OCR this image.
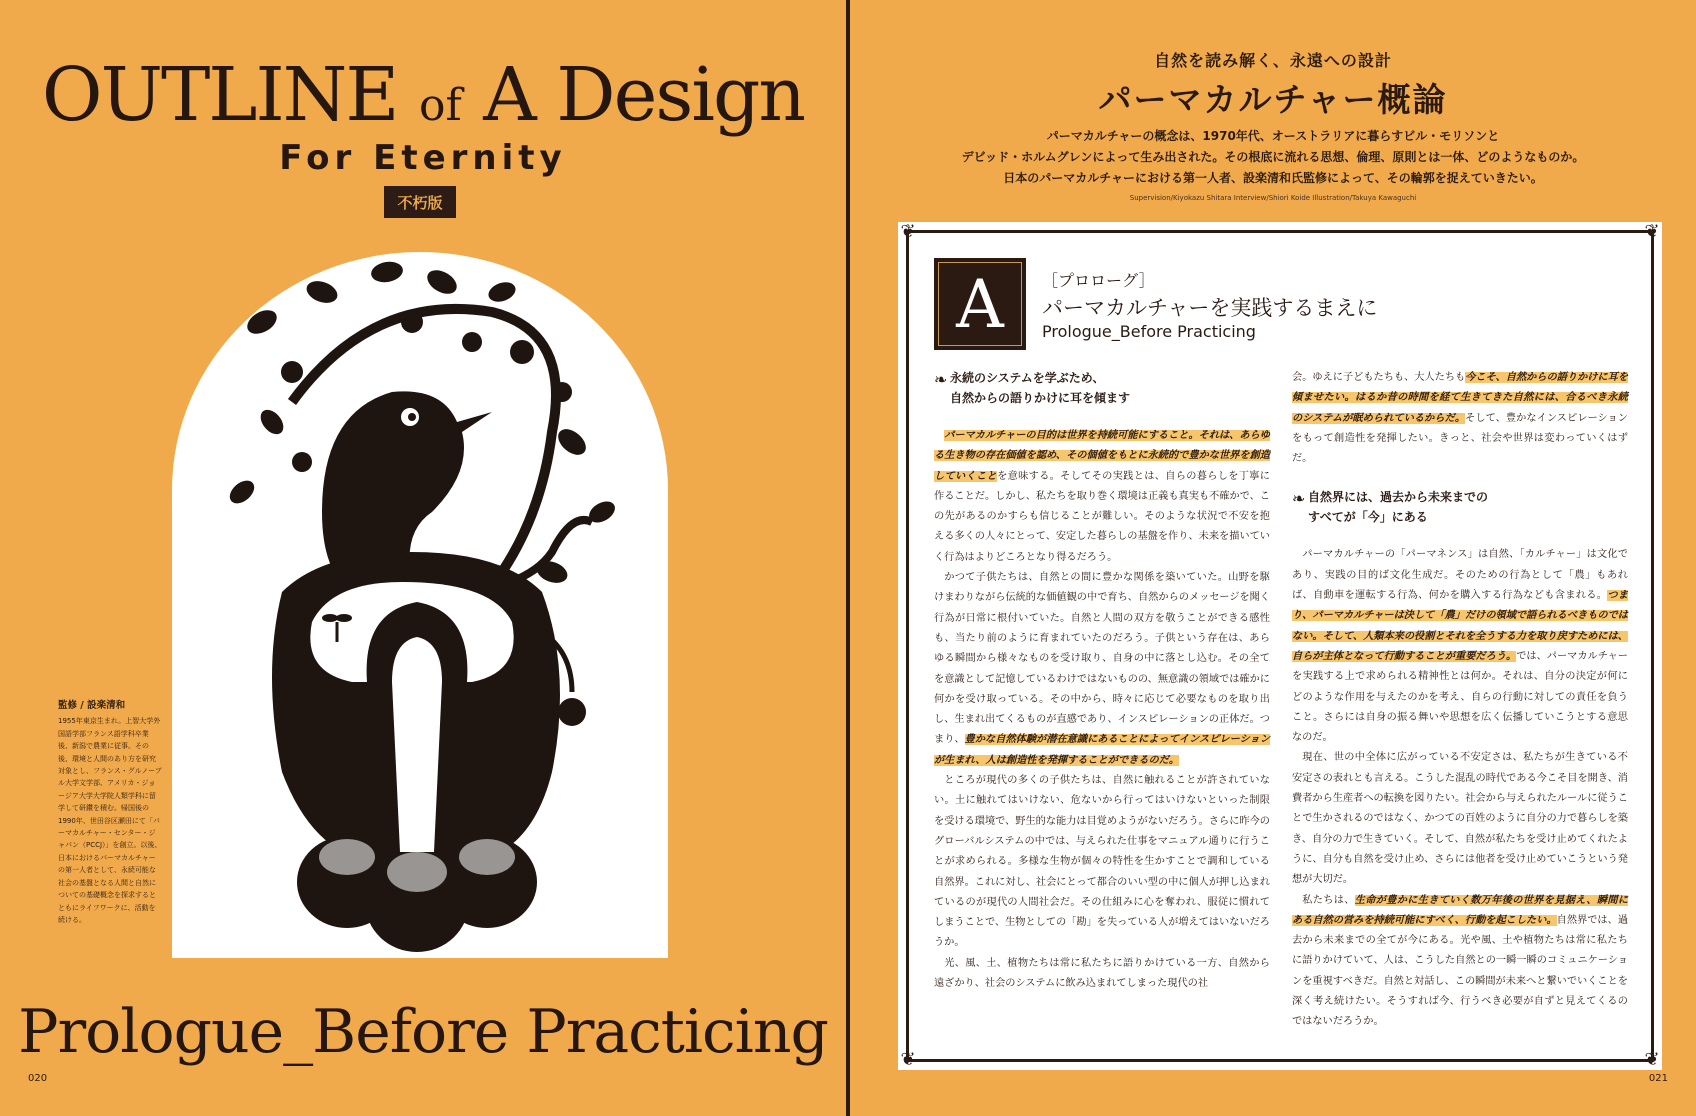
OUTLINE of A Design
For Eternity
不朽版
監修 / 設楽清和
1955年東京生まれ。上智大学外国語学部フランス語学科卒業後、新潟で農業に従事。その後、環境と人間のあり方を研究対象とし、フランス・グルノーブル大学文学部、アメリカ・ジョージア大学大学院人類学科に留学して研鑽を積む。帰国後の1990年、世田谷区瀬田にて「パーマカルチャー・センター・ジャパン（PCCJ）」を創立。以後、日本におけるパーマカルチャーの第一人者として、永続可能な社会の基盤となる人間と自然についての基礎概念を探求するとともにライフワークに、活動を続ける。
Prologue_Before Practicing
020
自然を読み解く、永遠への設計
パーマカルチャー概論
パーマカルチャーの概念は、1970年代、オーストラリアに暮らすビル・モリソンと
デビッド・ホルムグレンによって生み出された。その根底に流れる思想、倫理、原則とは一体、どのようなものか。
日本のパーマカルチャーにおける第一人者、設楽清和氏監修によって、その輪郭を捉えていきたい。
Supervision/Kiyokazu Shitara Interview/Shiori Koide Illustration/Takuya Kawaguchi
❦	❦
❦	❦
A	［プロローグ］
パーマカルチャーを実践するまえに
Prologue_Before Practicing
❧ 永続のシステムを学ぶため、
自然からの語りかけに耳を傾ます

パーマカルチャーの目的は世界を持続可能にすること。それは、あらゆる生き物の存在価値を認め、その個値をもとに永続的で豊かな世界を創造していくことを意味する。そしてその実践とは、自らの暮らしを丁寧に作ることだ。しかし、私たちを取り巻く環境は正義も真実も不確かで、この先があるのかすらも信じることが難しい。そのような状況で不安を抱える多くの人々にとって、安定した暮らしの基盤を作り、未来を描いていく行為はよりどころとなり得るだろう。

かつて子供たちは、自然との間に豊かな関係を築いていた。山野を駆けまわりながら伝統的な価値観の中で育ち、自然からのメッセージを聞く行為が日常に根付いていた。自然と人間の双方を敬うことができる感性も、当たり前のように育まれていたのだろう。子供という存在は、あらゆる瞬間から様々なものを受け取り、自身の中に落とし込む。その全てを意識として記憶しているわけではないものの、無意識の領域では確かに何かを受け取っている。その中から、時々に応じて必要なものを取り出し、生まれ出てくるものが直感であり、インスピレーションの正体だ。つまり、豊かな自然体験が潜在意識にあることによってインスピレーションが生まれ、人は創造性を発揮することができるのだ。

ところが現代の多くの子供たちは、自然に触れることが許されていない。土に触れてはいけない、危ないから行ってはいけないといった制限を受ける環境で、野生的な能力は目覚めようがないだろう。さらに昨今のグローバルシステムの中では、与えられた仕事をマニュアル通りに行うことが求められる。多様な生物が個々の特性を生かすことで調和している自然界。これに対し、社会にとって都合のいい型の中に個人が押し込まれているのが現代の人間社会だ。その仕組みに心を奪われ、服従に慣れてしまうことで、生物としての「勘」を失っている人が増えてはいないだろうか。

光、風、土、植物たちは常に私たちに語りかけている一方、自然から遠ざかり、社会のシステムに飲み込まれてしまった現代の社

会。ゆえに子どもたちも、大人たちも今こそ、自然からの語りかけに耳を傾ませたい。はるか昔の時間を経て生きてきた自然には、合るべき永続のシステムが眠められているからだ。そして、豊かなインスピレーションをもって創造性を発揮したい。きっと、社会や世界は変わっていくはずだ。

❧ 自然界には、過去から未来までの
すべてが「今」にある

パーマカルチャーの「パーマネンス」は自然、「カルチャー」は文化であり、実践の目的ば文化生成だ。そのための行為として「農」もあれば、自動車を運転する行為、何かを購入する行為なども含まれる。つまり、パーマカルチャーは決して「農」だけの領域で語られるべきものではない。そして、人類本来の役割とそれを全うする力を取り戻すためには、自らが主体となって行動することが重要だろう。では、パーマカルチャーを実践する上で求められる精神性とは何か。それは、自分の決定が何にどのような作用を与えたのかを考え、自らの行動に対しての責任を負うこと。さらには自身の振る舞いや思想を広く伝播していこうとする意思なのだ。

現在、世の中全体に広がっている不安定さは、私たちが生きている不安定さの表れとも言える。こうした混乱の時代である今こそ目を開き、消費者から生産者への転換を図りたい。社会から与えられたルールに従うことで生かされるのではなく、かつての百姓のように自分の力で暮らしを築き、自分の力で生きていく。そして、自然が私たちを受け止めてくれたように、自分も自然を受け止め、さらには他者を受け止めていこうという発想が大切だ。

私たちは、生命が豊かに生きていく数万年後の世界を見据え、瞬間にある自然の営みを持続可能にすべく、行動を起こしたい。自然界では、過去から未来までの全てが今にある。光や風、土や植物たちは常に私たちに語りかけていて、人は、こうした自然との一瞬一瞬のコミュニケーションを重視すべきだ。自然と対話し、この瞬間が未来へと繋いでいくことを深く考え続けたい。そうすれば今、行うべき必要が自ずと見えてくるのではないだろうか。

021
